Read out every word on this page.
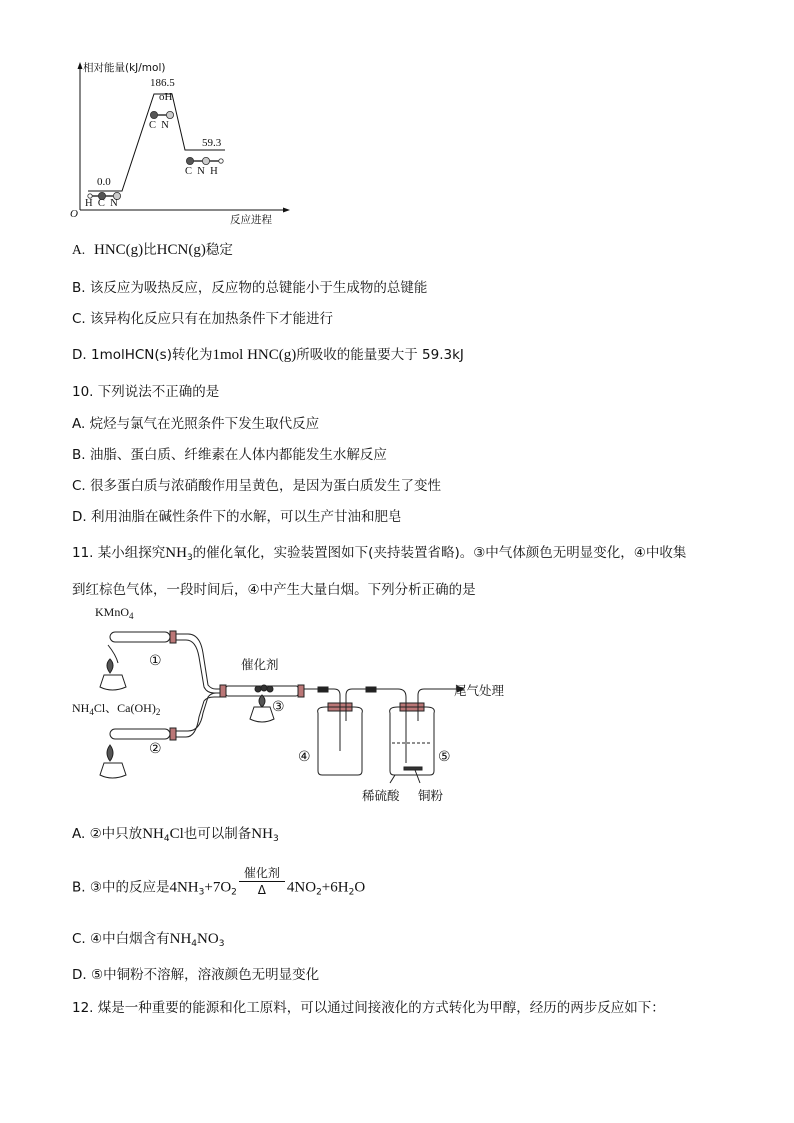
相对能量(kJ/mol)
O	反应进程
0.0
186.5
59.3
H  C  N
oH
C  N
C  N  H
A. HNC(g)比HCN(g)稳定
B. 该反应为吸热反应，反应物的总键能小于生成物的总键能
C. 该异构化反应只有在加热条件下才能进行
D. 1molHCN(s)转化为1mol HNC(g)所吸收的能量要大于 59.3kJ
10. 下列说法不正确的是
A. 烷烃与氯气在光照条件下发生取代反应
B. 油脂、蛋白质、纤维素在人体内都能发生水解反应
C. 很多蛋白质与浓硝酸作用呈黄色，是因为蛋白质发生了变性
D. 利用油脂在碱性条件下的水解，可以生产甘油和肥皂
11. 某小组探究$NH_3$的催化氧化，实验装置图如下(夹持装置省略)。③中气体颜色无明显变化，④中收集
到红棕色气体，一段时间后，④中产生大量白烟。下列分析正确的是
KMnO$_4$
①
②
③
④	⑤
催化剂
$NH_4Cl$、$Ca(OH)_2$
尾气处理
稀硫酸 铜粉
A. ②中只放$NH_4Cl$也可以制备$NH_3$
B. ③中的反应是$4NH_3+7O_2 \frac{\text{催化剂}}{\Delta} 4NO_2+6H_2O$
C. ④中白烟含有$NH_4NO_3$
D. ⑤中铜粉不溶解，溶液颜色无明显变化
12. 煤是一种重要的能源和化工原料，可以通过间接液化的方式转化为甲醇，经历的两步反应如下：
